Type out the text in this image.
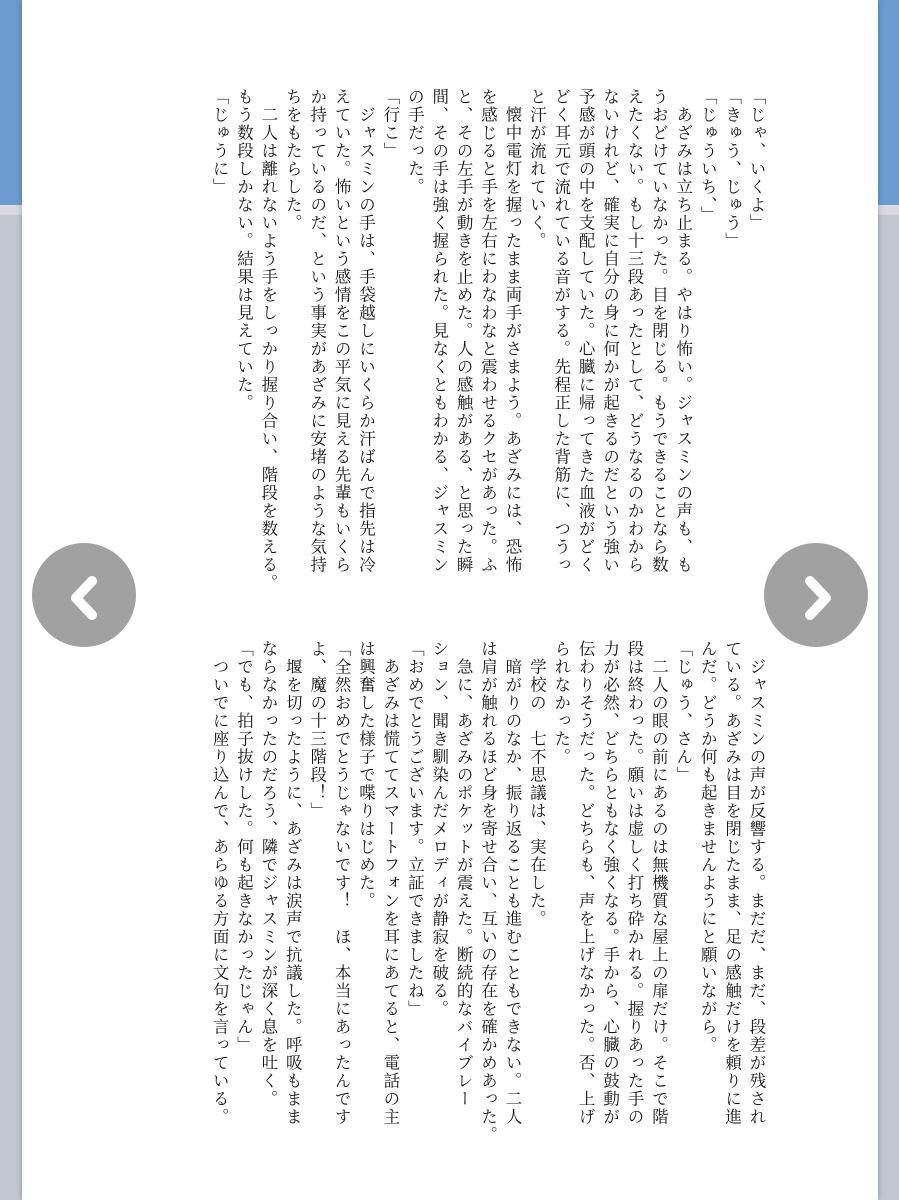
「じゃ、いくよ」
「きゅう、じゅう」
「じゅういち、」
　あざみは立ち止まる。やはり怖い。ジャスミンの声も、も
うおどけていなかった。目を閉じる。もうできることなら数
えたくない。もし十三段あったとして、どうなるのかわから
ないけれど、確実に自分の身に何かが起きるのだという強い
予感が頭の中を支配していた。心臓に帰ってきた血液がどく
どく耳元で流れている音がする。先程正した背筋に、つうっ
と汗が流れていく。
　懐中電灯を握ったまま両手がさまよう。あざみには、恐怖
を感じると手を左右にわなわなと震わせるクセがあった。ふ
と、その左手が動きを止めた。人の感触がある、と思った瞬
間、その手は強く握られた。見なくともわかる、ジャスミン
の手だった。
「行こ」
　ジャスミンの手は、手袋越しにいくらか汗ばんで指先は冷
えていた。怖いという感情をこの平気に見える先輩もいくら
か持っているのだ、という事実があざみに安堵のような気持
ちをもたらした。
　二人は離れないよう手をしっかり握り合い、階段を数える。
もう数段しかない。結果は見えていた。
「じゅうに」
　ジャスミンの声が反響する。まだだ、まだ、段差が残され
ている。あざみは目を閉じたまま、足の感触だけを頼りに進
んだ。どうか何も起きませんようにと願いながら。
「じゅう、さん」
　二人の眼の前にあるのは無機質な屋上の扉だけ。そこで階
段は終わった。願いは虚しく打ち砕かれる。握りあった手の
力が必然、どちらともなく強くなる。手から、心臓の鼓動が
伝わりそうだった。どちらも、声を上げなかった。否、上げ
られなかった。
　学校の　七不思議は、実在した。
　暗がりのなか、振り返ることも進むこともできない。二人
は肩が触れるほど身を寄せ合い、互いの存在を確かめあった。
　急に、あざみのポケットが震えた。断続的なバイブレー
ション、聞き馴染んだメロディが静寂を破る。
「おめでとうございます。立証できましたね」
　あざみは慌ててスマートフォンを耳にあてると、電話の主
は興奮した様子で喋りはじめた。
「全然おめでとうじゃないです！　ほ、本当にあったんです
よ、魔の十三階段！」
　堰を切ったように、あざみは涙声で抗議した。呼吸もまま
ならなかったのだろう、隣でジャスミンが深く息を吐く。
「でも、拍子抜けした。何も起きなかったじゃん」
　ついでに座り込んで、あらゆる方面に文句を言っている。
